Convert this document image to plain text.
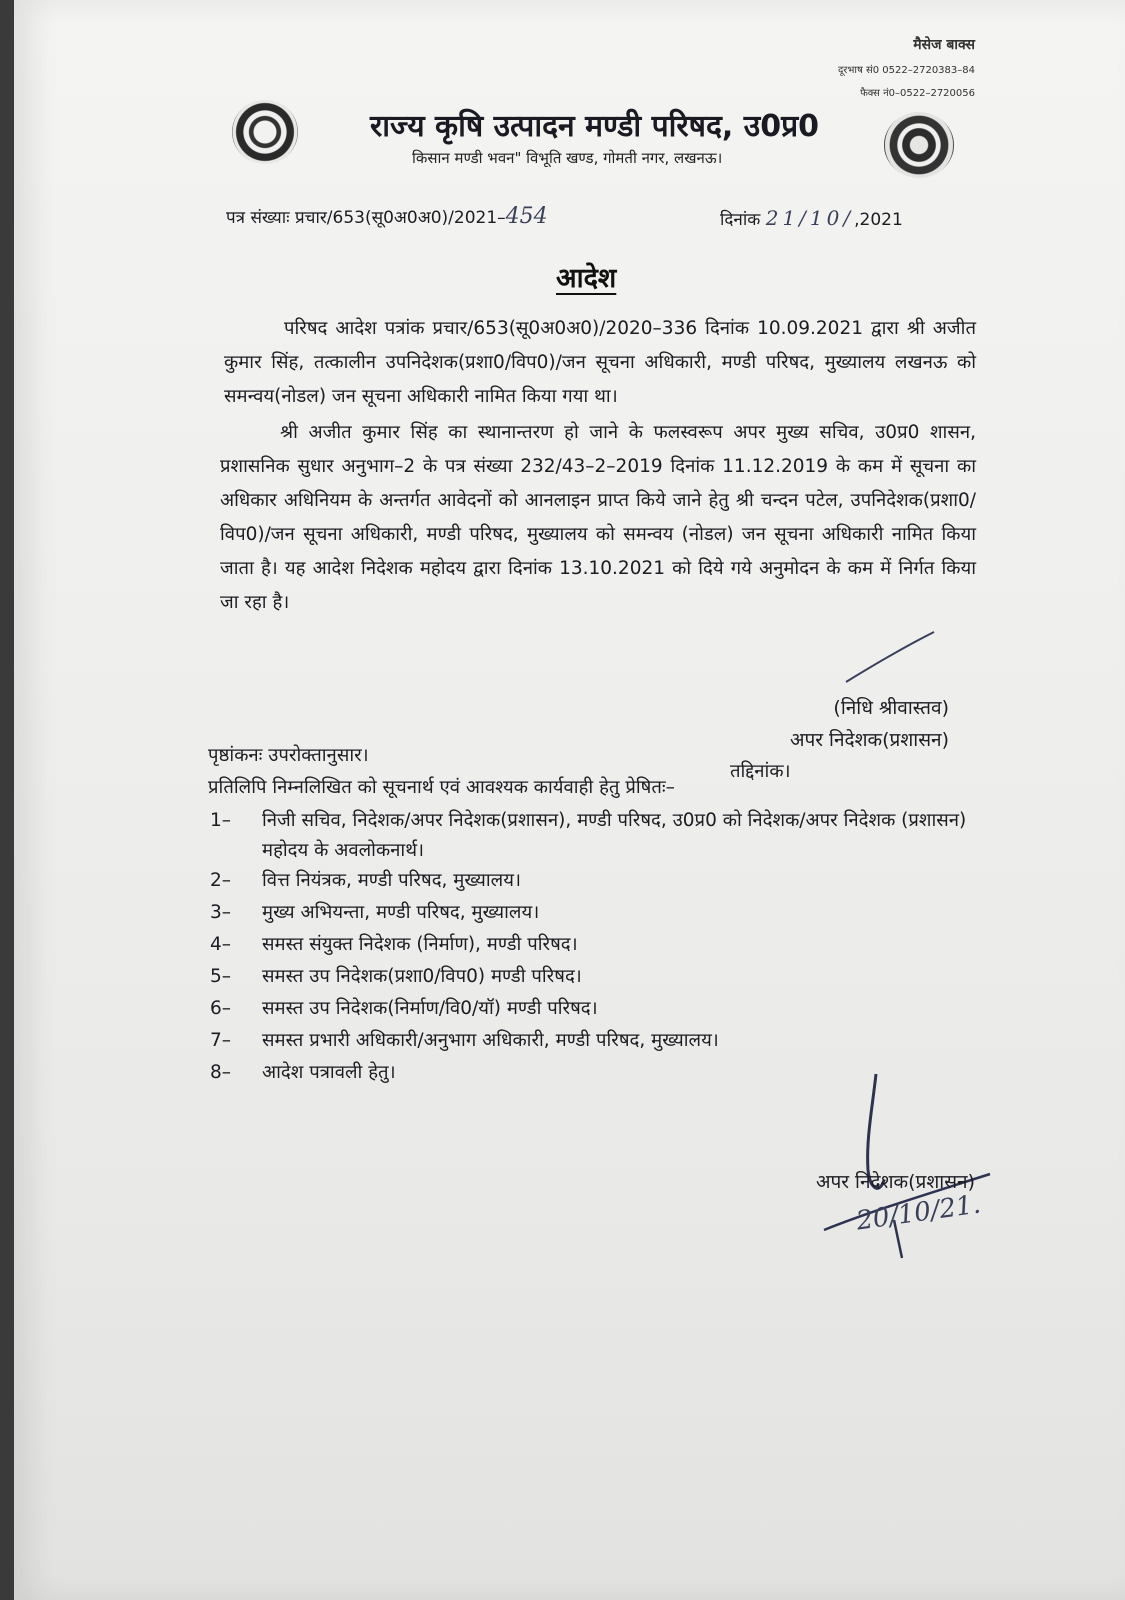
मैसेज बाक्स
दूरभाष सं0 0522–2720383–84
फैक्स नं0–0522–2720056
राज्य कृषि उत्पादन मण्डी परिषद, उ0प्र0
किसान मण्डी भवन" विभूति खण्ड, गोमती नगर, लखनऊ।
पत्र संख्याः प्रचार/653(सू0अ0अ0)/2021–454	दिनांक 21/10/,2021
आदेश
परिषद आदेश पत्रांक प्रचार/653(सू0अ0अ0)/2020–336 दिनांक 10.09.2021 द्वारा श्री अजीत कुमार सिंह, तत्कालीन उपनिदेशक(प्रशा0/विप0)/जन सूचना अधिकारी, मण्डी परिषद, मुख्यालय लखनऊ को समन्वय(नोडल) जन सूचना अधिकारी नामित किया गया था।
श्री अजीत कुमार सिंह का स्थानान्तरण हो जाने के फलस्वरूप अपर मुख्य सचिव, उ0प्र0 शासन, प्रशासनिक सुधार अनुभाग–2 के पत्र संख्या 232/43–2–2019 दिनांक 11.12.2019 के कम में सूचना का अधिकार अधिनियम के अन्तर्गत आवेदनों को आनलाइन प्राप्त किये जाने हेतु श्री चन्दन पटेल, उपनिदेशक(प्रशा0/विप0)/जन सूचना अधिकारी, मण्डी परिषद, मुख्यालय को समन्वय (नोडल) जन सूचना अधिकारी नामित किया जाता है। यह आदेश निदेशक महोदय द्वारा दिनांक 13.10.2021 को दिये गये अनुमोदन के कम में निर्गत किया जा रहा है।
(निधि श्रीवास्तव)
अपर निदेशक(प्रशासन)
पृष्ठांकनः उपरोक्तानुसार।
तद्दिनांक।
प्रतिलिपि निम्नलिखित को सूचनार्थ एवं आवश्यक कार्यवाही हेतु प्रेषितः–
1– निजी सचिव, निदेशक/अपर निदेशक(प्रशासन), मण्डी परिषद, उ0प्र0 को निदेशक/अपर निदेशक (प्रशासन) महोदय के अवलोकनार्थ।
2– वित्त नियंत्रक, मण्डी परिषद, मुख्यालय।
3– मुख्य अभियन्ता, मण्डी परिषद, मुख्यालय।
4– समस्त संयुक्त निदेशक (निर्माण), मण्डी परिषद।
5– समस्त उप निदेशक(प्रशा0/विप0) मण्डी परिषद।
6– समस्त उप निदेशक(निर्माण/वि0/यॉ) मण्डी परिषद।
7– समस्त प्रभारी अधिकारी/अनुभाग अधिकारी, मण्डी परिषद, मुख्यालय।
8– आदेश पत्रावली हेतु।
अपर निदेशक(प्रशासन)
20/10/21.
